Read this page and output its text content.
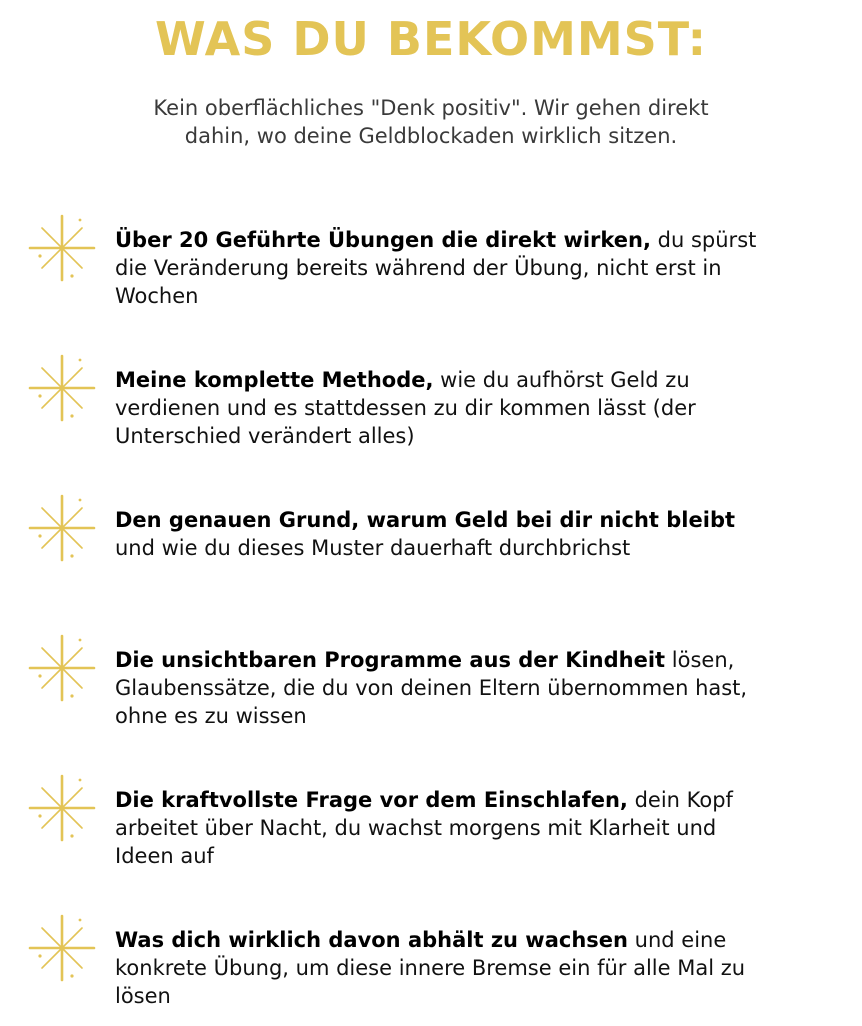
WAS DU BEKOMMST:

Kein oberflächliches "Denk positiv". Wir gehen direkt
dahin, wo deine Geldblockaden wirklich sitzen.

Über 20 Geführte Übungen die direkt wirken, du spürst die Veränderung bereits während der Übung, nicht erst in Wochen

Meine komplette Methode, wie du aufhörst Geld zu verdienen und es stattdessen zu dir kommen lässt (der Unterschied verändert alles)

Den genauen Grund, warum Geld bei dir nicht bleibt und wie du dieses Muster dauerhaft durchbrichst

Die unsichtbaren Programme aus der Kindheit lösen, Glaubenssätze, die du von deinen Eltern übernommen hast, ohne es zu wissen

Die kraftvollste Frage vor dem Einschlafen, dein Kopf arbeitet über Nacht, du wachst morgens mit Klarheit und Ideen auf

Was dich wirklich davon abhält zu wachsen und eine konkrete Übung, um diese innere Bremse ein für alle Mal zu lösen
